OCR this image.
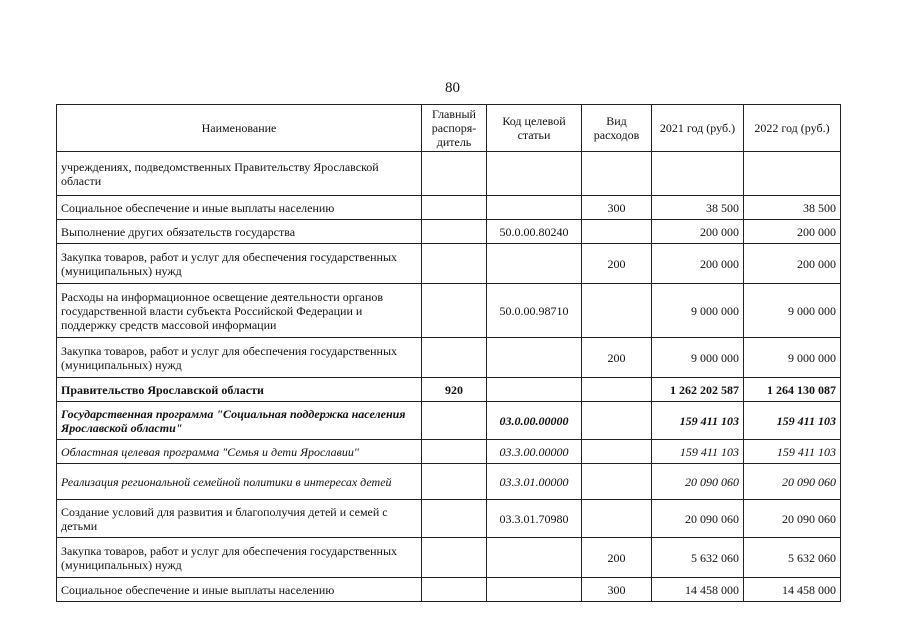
80
Наименование	Главный распоря-дитель	Код целевой статьи	Вид расходов	2021 год (руб.)	2022 год (руб.)
учреждениях, подведомственных Правительству Ярославской области					
Социальное обеспечение и иные выплаты населению			300	38 500	38 500
Выполнение других обязательств государства		50.0.00.80240		200 000	200 000
Закупка товаров, работ и услуг для обеспечения государственных (муниципальных) нужд			200	200 000	200 000
Расходы на информационное освещение деятельности органов государственной власти субъекта Российской Федерации и поддержку средств массовой информации		50.0.00.98710		9 000 000	9 000 000
Закупка товаров, работ и услуг для обеспечения государственных (муниципальных) нужд			200	9 000 000	9 000 000
Правительство Ярославской области	920			1 262 202 587	1 264 130 087
Государственная программа "Социальная поддержка населения Ярославской области"		03.0.00.00000		159 411 103	159 411 103
Областная целевая программа "Семья и дети Ярославии"		03.3.00.00000		159 411 103	159 411 103
Реализация региональной семейной политики в интересах детей		03.3.01.00000		20 090 060	20 090 060
Создание условий для развития и благополучия детей и семей с детьми		03.3.01.70980		20 090 060	20 090 060
Закупка товаров, работ и услуг для обеспечения государственных (муниципальных) нужд			200	5 632 060	5 632 060
Социальное обеспечение и иные выплаты населению			300	14 458 000	14 458 000
